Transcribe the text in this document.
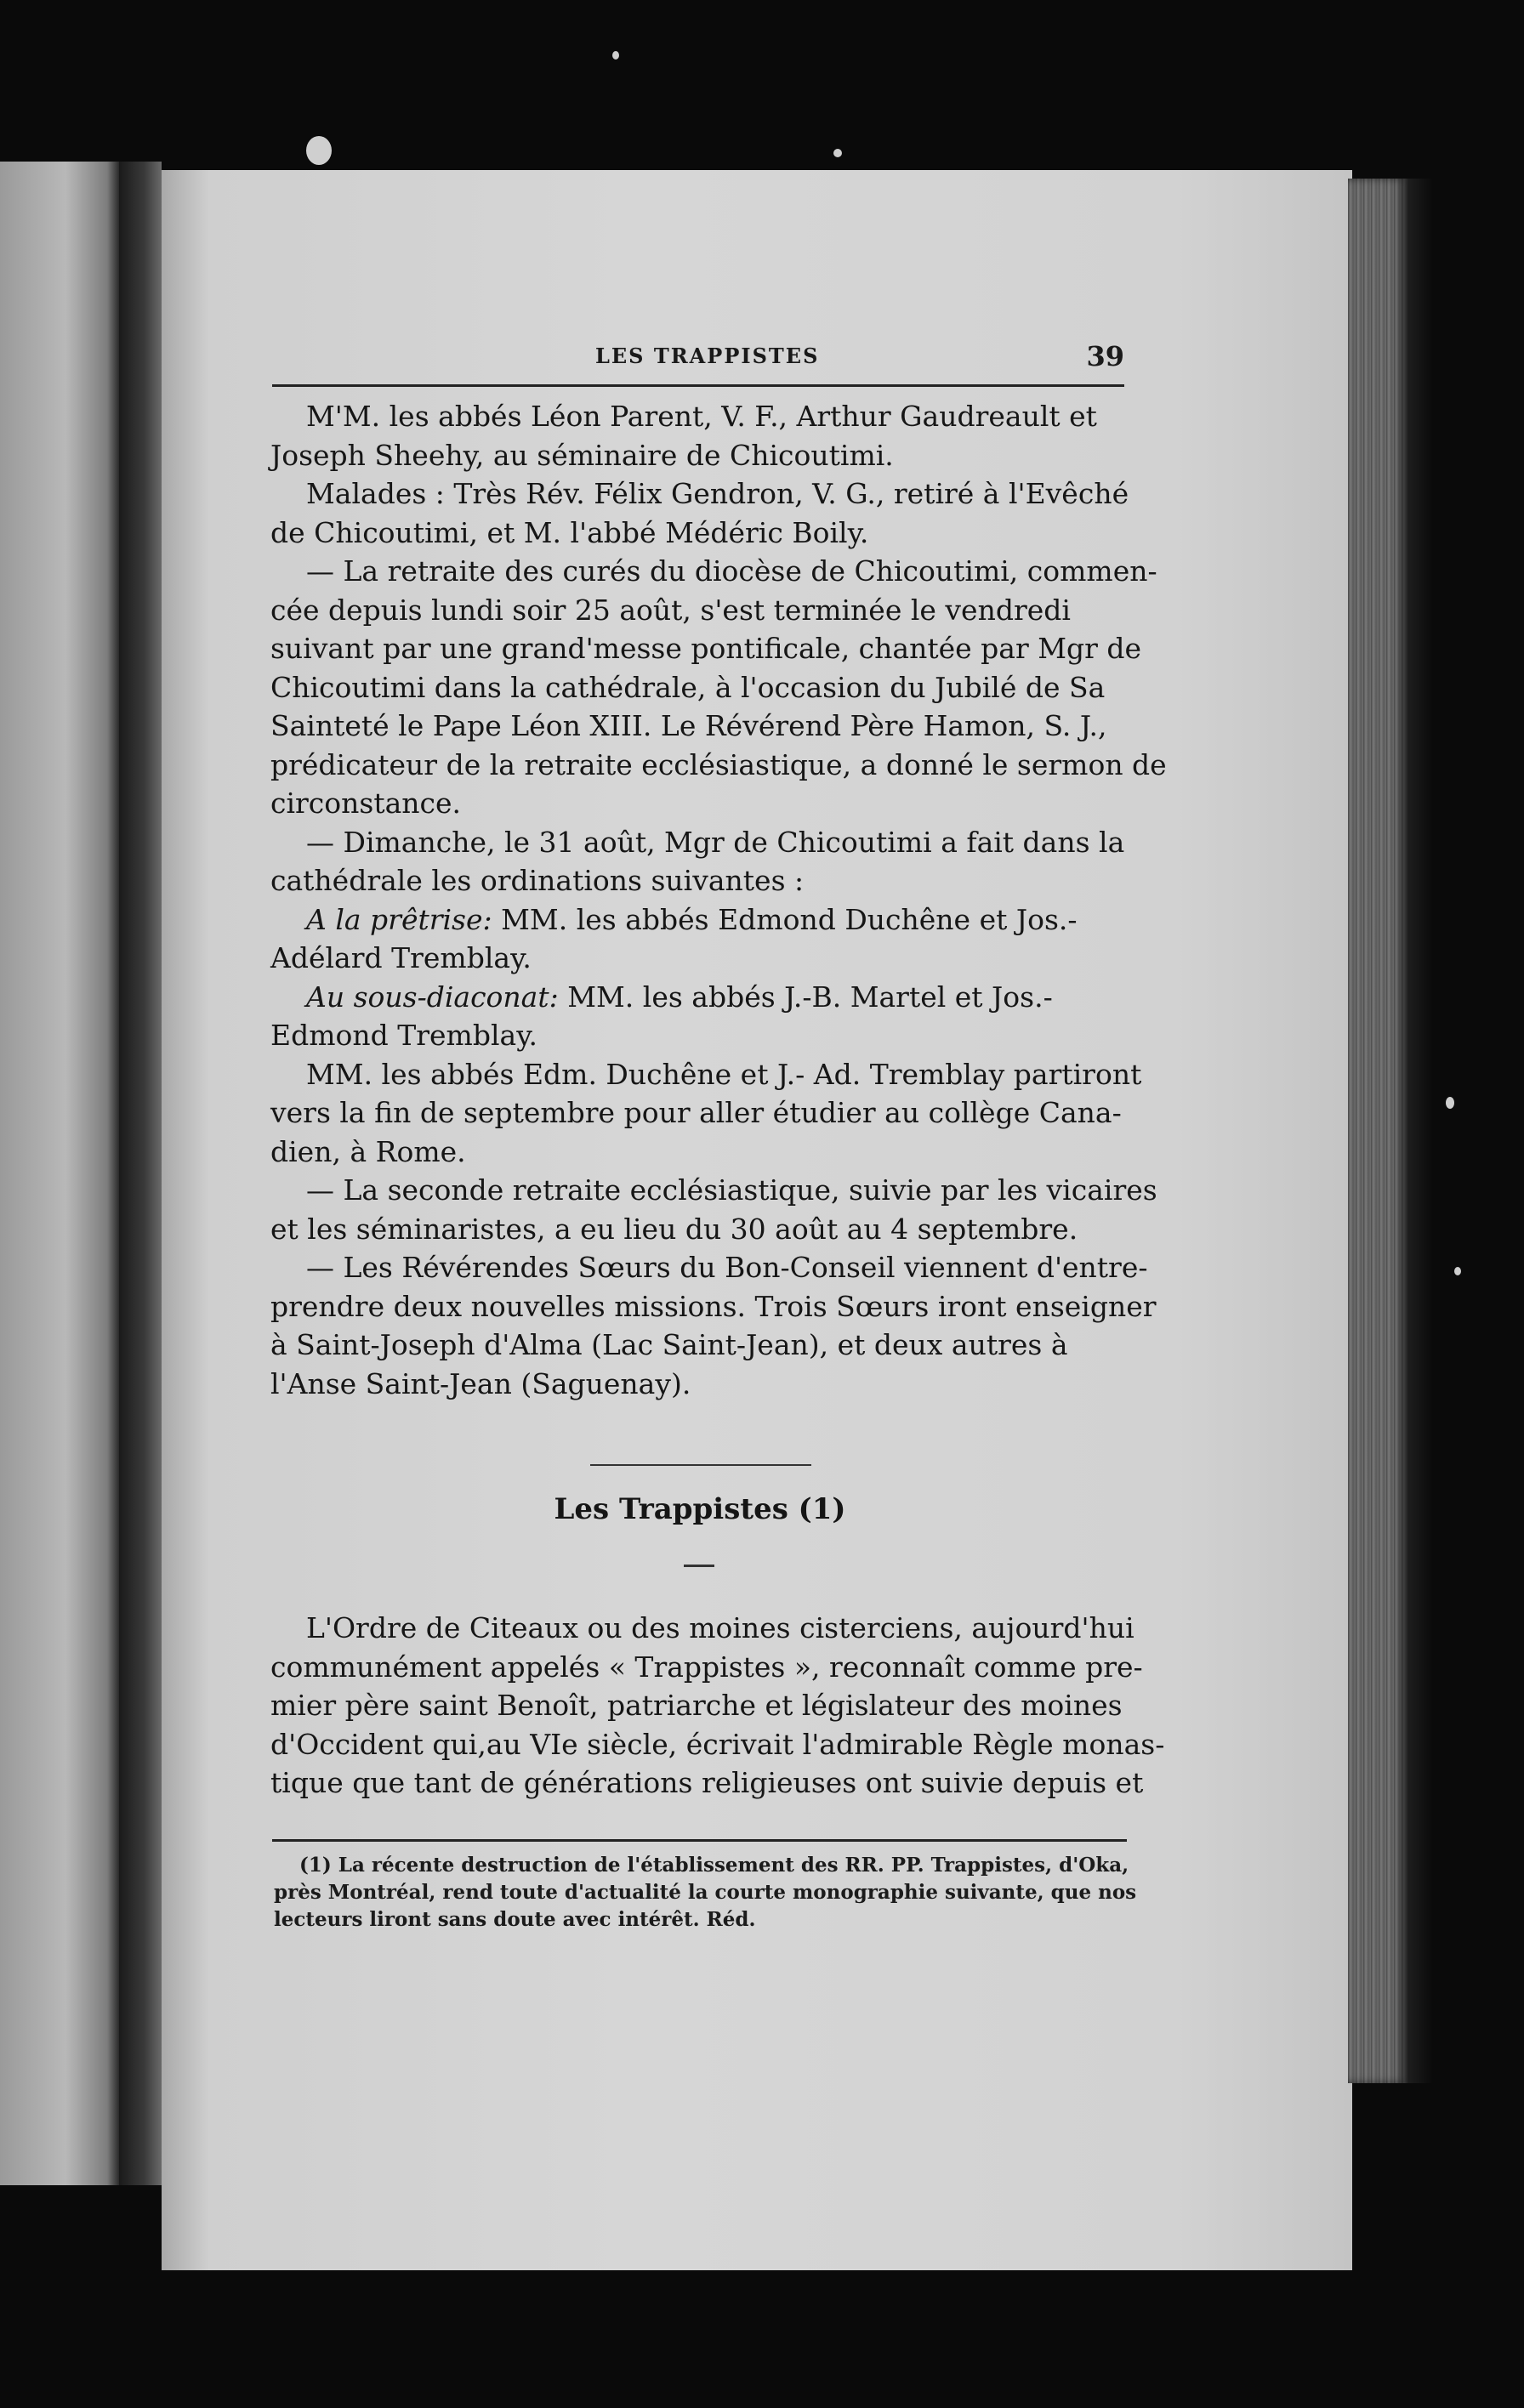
LES TRAPPISTES	39
M'M. les abbés Léon Parent, V. F., Arthur Gaudreault et
Joseph Sheehy, au séminaire de Chicoutimi.
Malades : Très Rév. Félix Gendron, V. G., retiré à l'Evêché
de Chicoutimi, et M. l'abbé Médéric Boily.
— La retraite des curés du diocèse de Chicoutimi, commen-
cée depuis lundi soir 25 août, s'est terminée le vendredi
suivant par une grand'messe pontificale, chantée par Mgr de
Chicoutimi dans la cathédrale, à l'occasion du Jubilé de Sa
Sainteté le Pape Léon XIII. Le Révérend Père Hamon, S. J.,
prédicateur de la retraite ecclésiastique, a donné le sermon de
circonstance.
— Dimanche, le 31 août, Mgr de Chicoutimi a fait dans la
cathédrale les ordinations suivantes :
A la prêtrise: MM. les abbés Edmond Duchêne et Jos.-
Adélard Tremblay.
Au sous-diaconat: MM. les abbés J.-B. Martel et Jos.-
Edmond Tremblay.
MM. les abbés Edm. Duchêne et J.- Ad. Tremblay partiront
vers la fin de septembre pour aller étudier au collège Cana-
dien, à Rome.
— La seconde retraite ecclésiastique, suivie par les vicaires
et les séminaristes, a eu lieu du 30 août au 4 septembre.
— Les Révérendes Sœurs du Bon-Conseil viennent d'entre-
prendre deux nouvelles missions. Trois Sœurs iront enseigner
à Saint-Joseph d'Alma (Lac Saint-Jean), et deux autres à
l'Anse Saint-Jean (Saguenay).
Les Trappistes (1)
L'Ordre de Citeaux ou des moines cisterciens, aujourd'hui
communément appelés « Trappistes », reconnaît comme pre-
mier père saint Benoît, patriarche et législateur des moines
d'Occident qui,au VIe siècle, écrivait l'admirable Règle monas-
tique que tant de générations religieuses ont suivie depuis et
(1) La récente destruction de l'établissement des RR. PP. Trappistes, d'Oka,
près Montréal, rend toute d'actualité la courte monographie suivante, que nos
lecteurs liront sans doute avec intérêt. Réd.
